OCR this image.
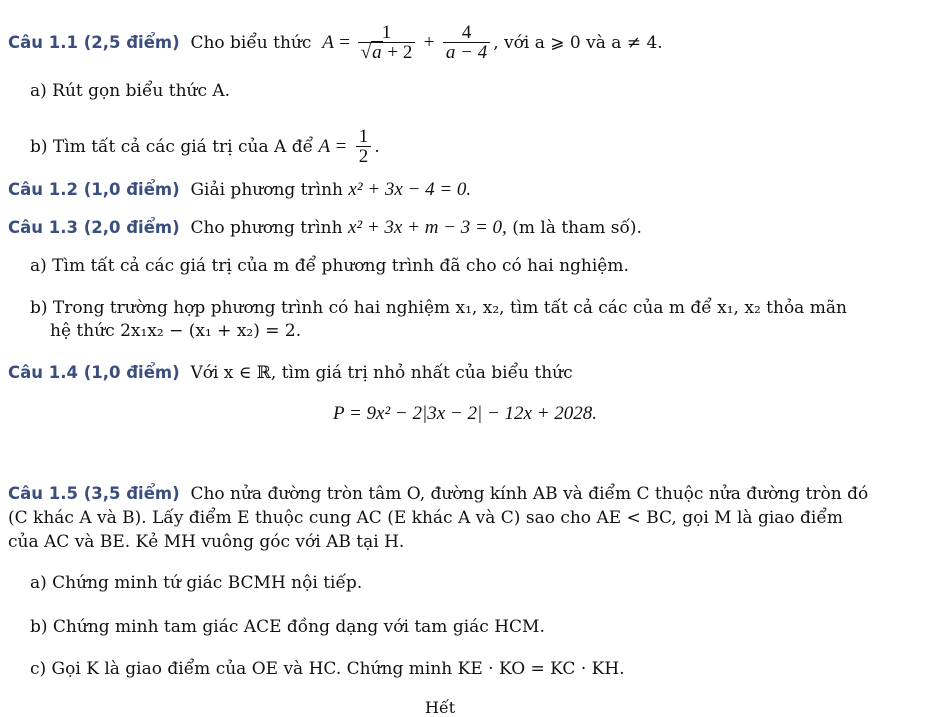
Câu 1.1 (2,5 điểm) Cho biểu thức $A = \frac{1}{√a + 2} + \frac{4}{a - 4}$ , với a ⩾ 0 và a ≠ 4.
a) Rút gọn biểu thức A.
b) Tìm tất cả các giá trị của A để $A = \frac{1}{2}$ .
Câu 1.2 (1,0 điểm) Giải phương trình x² + 3x − 4 = 0.
Câu 1.3 (2,0 điểm) Cho phương trình x² + 3x + m − 3 = 0, (m là tham số).
a) Tìm tất cả các giá trị của m để phương trình đã cho có hai nghiệm.
b) Trong trường hợp phương trình có hai nghiệm x₁, x₂, tìm tất cả các của m để x₁, x₂ thỏa mãn
hệ thức 2x₁x₂ − (x₁ + x₂) = 2.
Câu 1.4 (1,0 điểm) Với x ∈ ℝ, tìm giá trị nhỏ nhất của biểu thức
P = 9x² − 2|3x − 2| − 12x + 2028.
Câu 1.5 (3,5 điểm) Cho nửa đường tròn tâm O, đường kính AB và điểm C thuộc nửa đường tròn đó
(C khác A và B). Lấy điểm E thuộc cung AC (E khác A và C) sao cho AE < BC, gọi M là giao điểm
của AC và BE. Kẻ MH vuông góc với AB tại H.
a) Chứng minh tứ giác BCMH nội tiếp.
b) Chứng minh tam giác ACE đồng dạng với tam giác HCM.
c) Gọi K là giao điểm của OE và HC. Chứng minh KE · KO = KC · KH.
Hết
